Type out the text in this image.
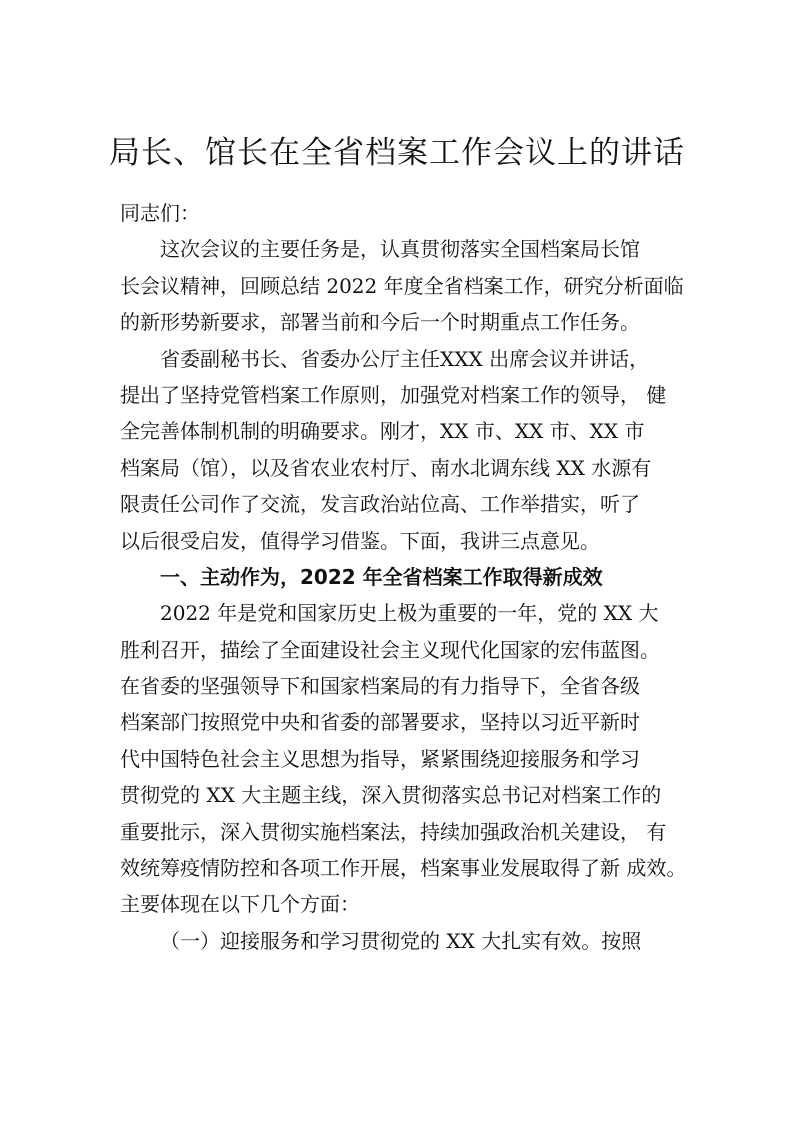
局长、馆长在全省档案工作会议上的讲话
同志们：
这次会议的主要任务是，认真贯彻落实全国档案局长馆
长会议精神，回顾总结 2022 年度全省档案工作，研究分析面临
的新形势新要求，部署当前和今后一个时期重点工作任务。
省委副秘书长、省委办公厅主任XXX 出席会议并讲话，
提出了坚持党管档案工作原则，加强党对档案工作的领导， 健
全完善体制机制的明确要求。刚才，XX 市、XX 市、XX 市
档案局（馆），以及省农业农村厅、南水北调东线 XX 水源有
限责任公司作了交流，发言政治站位高、工作举措实，听了
以后很受启发，值得学习借鉴。下面，我讲三点意见。
一、主动作为，2022 年全省档案工作取得新成效
2022 年是党和国家历史上极为重要的一年，党的 XX 大
胜利召开，描绘了全面建设社会主义现代化国家的宏伟蓝图。
在省委的坚强领导下和国家档案局的有力指导下，全省各级
档案部门按照党中央和省委的部署要求，坚持以习近平新时
代中国特色社会主义思想为指导，紧紧围绕迎接服务和学习
贯彻党的 XX 大主题主线，深入贯彻落实总书记对档案工作的
重要批示，深入贯彻实施档案法，持续加强政治机关建设， 有
效统筹疫情防控和各项工作开展，档案事业发展取得了新 成效。
主要体现在以下几个方面：
（一）迎接服务和学习贯彻党的 XX 大扎实有效。按照
